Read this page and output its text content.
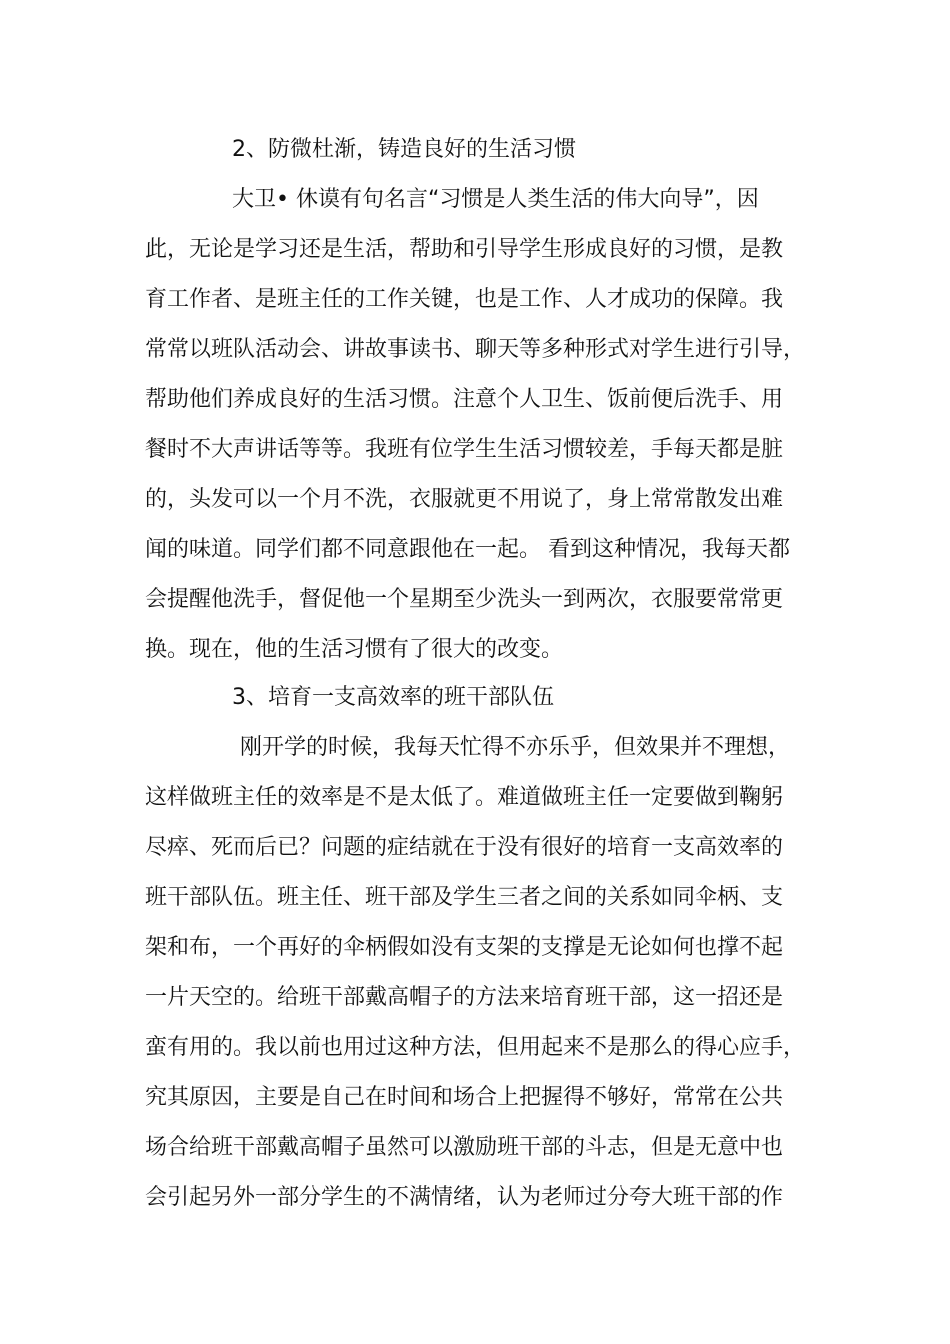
2、防微杜渐，铸造良好的生活习惯
大卫• 休谟有句名言“习惯是人类生活的伟大向导”，因
此，无论是学习还是生活，帮助和引导学生形成良好的习惯，是教
育工作者、是班主任的工作关键，也是工作、人才成功的保障。我
常常以班队活动会、讲故事读书、聊天等多种形式对学生进行引导，
帮助他们养成良好的生活习惯。注意个人卫生、饭前便后洗手、用
餐时不大声讲话等等。我班有位学生生活习惯较差，手每天都是脏
的，头发可以一个月不洗，衣服就更不用说了，身上常常散发出难
闻的味道。同学们都不同意跟他在一起。 看到这种情况，我每天都
会提醒他洗手，督促他一个星期至少洗头一到两次，衣服要常常更
换。现在，他的生活习惯有了很大的改变。
3、培育一支高效率的班干部队伍
刚开学的时候，我每天忙得不亦乐乎，但效果并不理想，
这样做班主任的效率是不是太低了。难道做班主任一定要做到鞠躬
尽瘁、死而后已？问题的症结就在于没有很好的培育一支高效率的
班干部队伍。班主任、班干部及学生三者之间的关系如同伞柄、支
架和布，一个再好的伞柄假如没有支架的支撑是无论如何也撑不起
一片天空的。给班干部戴高帽子的方法来培育班干部，这一招还是
蛮有用的。我以前也用过这种方法，但用起来不是那么的得心应手，
究其原因，主要是自己在时间和场合上把握得不够好，常常在公共
场合给班干部戴高帽子虽然可以激励班干部的斗志，但是无意中也
会引起另外一部分学生的不满情绪，认为老师过分夸大班干部的作
